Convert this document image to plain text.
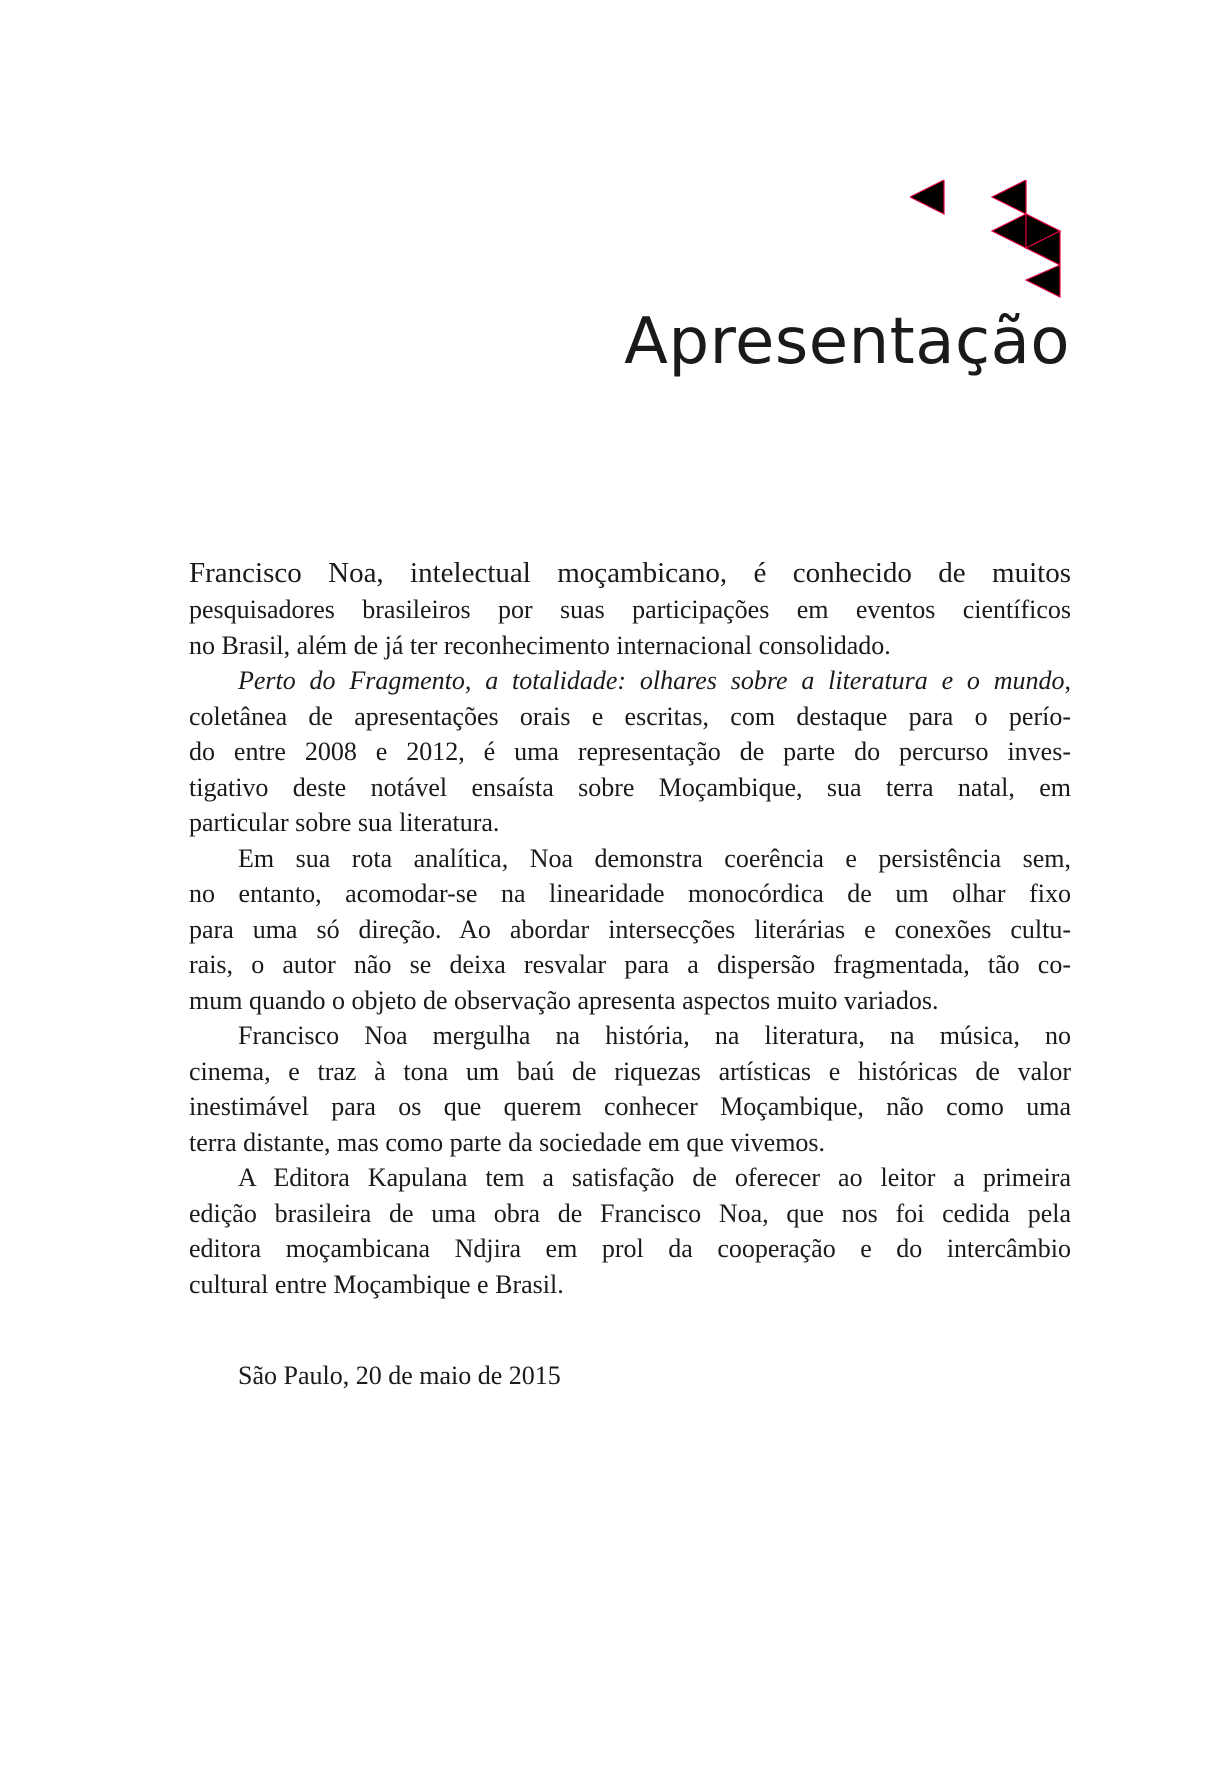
Apresentação

Francisco Noa, intelectual moçambicano, é conhecido de muitos
pesquisadores brasileiros por suas participações em eventos científicos
no Brasil, além de já ter reconhecimento internacional consolidado.

Perto do Fragmento, a totalidade: olhares sobre a literatura e o mundo,
coletânea de apresentações orais e escritas, com destaque para o perío-
do entre 2008 e 2012, é uma representação de parte do percurso inves-
tigativo deste notável ensaísta sobre Moçambique, sua terra natal, em
particular sobre sua literatura.

Em sua rota analítica, Noa demonstra coerência e persistência sem,
no entanto, acomodar-se na linearidade monocórdica de um olhar fixo
para uma só direção. Ao abordar intersecções literárias e conexões cultu-
rais, o autor não se deixa resvalar para a dispersão fragmentada, tão co-
mum quando o objeto de observação apresenta aspectos muito variados.

Francisco Noa mergulha na história, na literatura, na música, no
cinema, e traz à tona um baú de riquezas artísticas e históricas de valor
inestimável para os que querem conhecer Moçambique, não como uma
terra distante, mas como parte da sociedade em que vivemos.

A Editora Kapulana tem a satisfação de oferecer ao leitor a primeira
edição brasileira de uma obra de Francisco Noa, que nos foi cedida pela
editora moçambicana Ndjira em prol da cooperação e do intercâmbio
cultural entre Moçambique e Brasil.

São Paulo, 20 de maio de 2015
